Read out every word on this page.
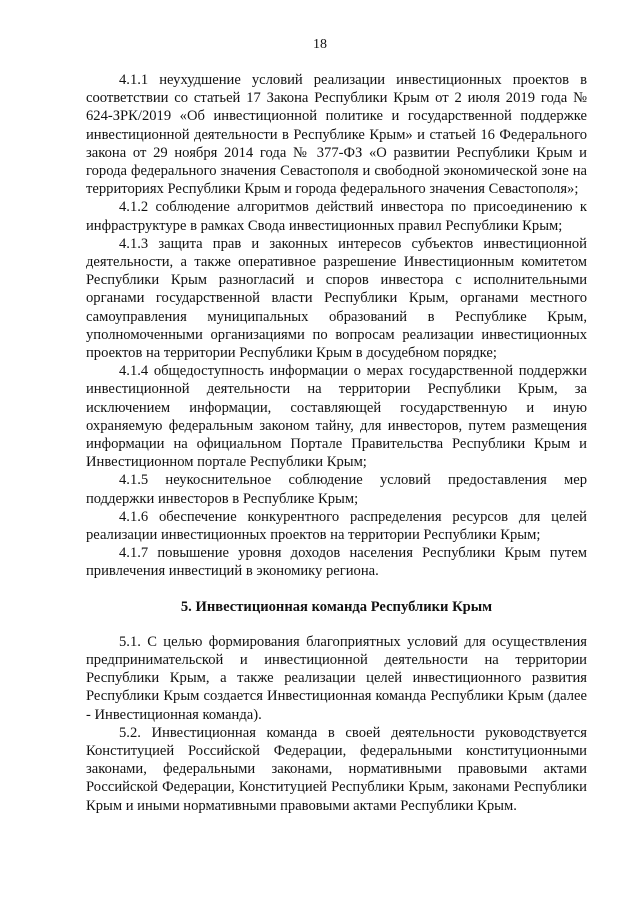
18

4.1.1 неухудшение условий реализации инвестиционных проектов в соответствии со статьей 17 Закона Республики Крым от 2 июля 2019 года № 624-ЗРК/2019 «Об инвестиционной политике и государственной поддержке инвестиционной деятельности в Республике Крым» и статьей 16 Федерального закона от 29 ноября 2014 года № 377-ФЗ «О развитии Республики Крым и города федерального значения Севастополя и свободной экономической зоне на территориях Республики Крым и города федерального значения Севастополя»;

4.1.2 соблюдение алгоритмов действий инвестора по присоединению к инфраструктуре в рамках Свода инвестиционных правил Республики Крым;

4.1.3 защита прав и законных интересов субъектов инвестиционной деятельности, а также оперативное разрешение Инвестиционным комитетом Республики Крым разногласий и споров инвестора с исполнительными органами государственной власти Республики Крым, органами местного самоуправления муниципальных образований в Республике Крым, уполномоченными организациями по вопросам реализации инвестиционных проектов на территории Республики Крым в досудебном порядке;

4.1.4 общедоступность информации о мерах государственной поддержки инвестиционной деятельности на территории Республики Крым, за исключением информации, составляющей государственную и иную охраняемую федеральным законом тайну, для инвесторов, путем размещения информации на официальном Портале Правительства Республики Крым и Инвестиционном портале Республики Крым;

4.1.5 неукоснительное соблюдение условий предоставления мер поддержки инвесторов в Республике Крым;

4.1.6 обеспечение конкурентного распределения ресурсов для целей реализации инвестиционных проектов на территории Республики Крым;

4.1.7 повышение уровня доходов населения Республики Крым путем привлечения инвестиций в экономику региона.

5. Инвестиционная команда Республики Крым

5.1. С целью формирования благоприятных условий для осуществления предпринимательской и инвестиционной деятельности на территории Республики Крым, а также реализации целей инвестиционного развития Республики Крым создается Инвестиционная команда Республики Крым (далее - Инвестиционная команда).

5.2. Инвестиционная команда в своей деятельности руководствуется Конституцией Российской Федерации, федеральными конституционными законами, федеральными законами, нормативными правовыми актами Российской Федерации, Конституцией Республики Крым, законами Республики Крым и иными нормативными правовыми актами Республики Крым.
